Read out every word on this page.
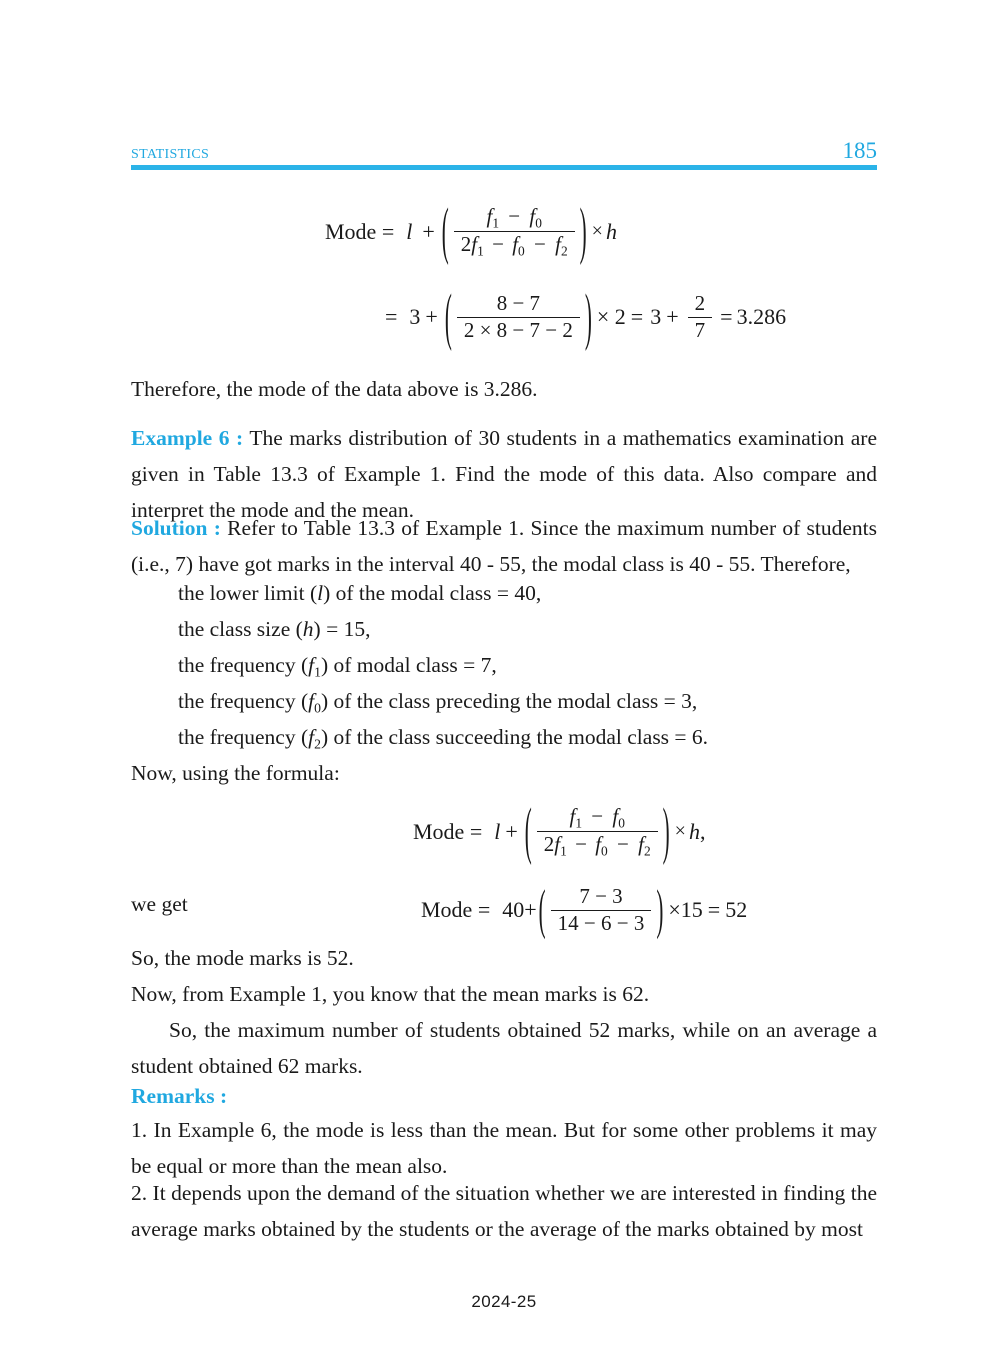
statistics	185
Mode = l + ( $\frac{f_1 - f_0}{2f_1 - f_0 - f_2}$ ) × h
= 3 + ( $\frac{8 - 7}{2 \times 8 - 7 - 2}$ ) × $2 = 3 + \frac{2}{7} = 3.286$
Therefore, the mode of the data above is 3.286.
Example 6 : The marks distribution of 30 students in a mathematics examination are given in Table 13.3 of Example 1. Find the mode of this data. Also compare and interpret the mode and the mean.
Solution : Refer to Table 13.3 of Example 1. Since the maximum number of students (i.e., 7) have got marks in the interval 40 - 55, the modal class is 40 - 55. Therefore,
the lower limit (l) of the modal class = 40,
the class size (h) = 15,
the frequency $(f_1)$ of modal class = 7,
the frequency $(f_0)$ of the class preceding the modal class = 3,
the frequency $(f_2)$ of the class succeeding the modal class = 6.
Now, using the formula:
Mode = l + ( $\frac{f_1 - f_0}{2f_1 - f_0 - f_2}$ ) × h ,
we get	Mode = 40+ ( $\frac{7 - 3}{14 - 6 - 3}$ ) ×15 = 52
So, the mode marks is 52.
Now, from Example 1, you know that the mean marks is 62.
So, the maximum number of students obtained 52 marks, while on an average a student obtained 62 marks.
Remarks :
1. In Example 6, the mode is less than the mean. But for some other problems it may be equal or more than the mean also.
2. It depends upon the demand of the situation whether we are interested in finding the average marks obtained by the students or the average of the marks obtained by most
2024-25
